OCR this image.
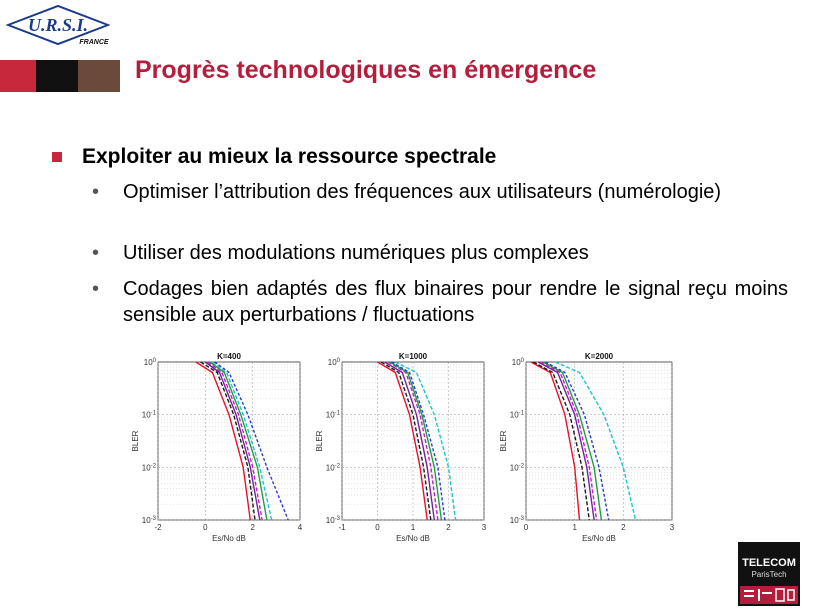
U.R.S.I.
FRANCE
Progrès technologiques en émergence
Exploiter au mieux la ressource spectrale
• Optimiser l’attribution des fréquences aux utilisateurs (numérologie)
• Utiliser des modulations numériques plus complexes
• Codages bien adaptés des flux binaires pour rendre le signal reçu moins sensible aux perturbations / fluctuations
-2	0	2	4
$10^0$
$10^{-1}$
$10^{-2}$
$10^{-3}$
K=400
Es/No dB
BLER
-1	0	1	2	3
$10^0$
$10^{-1}$
$10^{-2}$
$10^{-3}$
K=1000
Es/No dB
BLER
0	1	2	3
$10^0$
$10^{-1}$
$10^{-2}$
$10^{-3}$
K=2000
Es/No dB
BLER
TELECOM
ParisTech
